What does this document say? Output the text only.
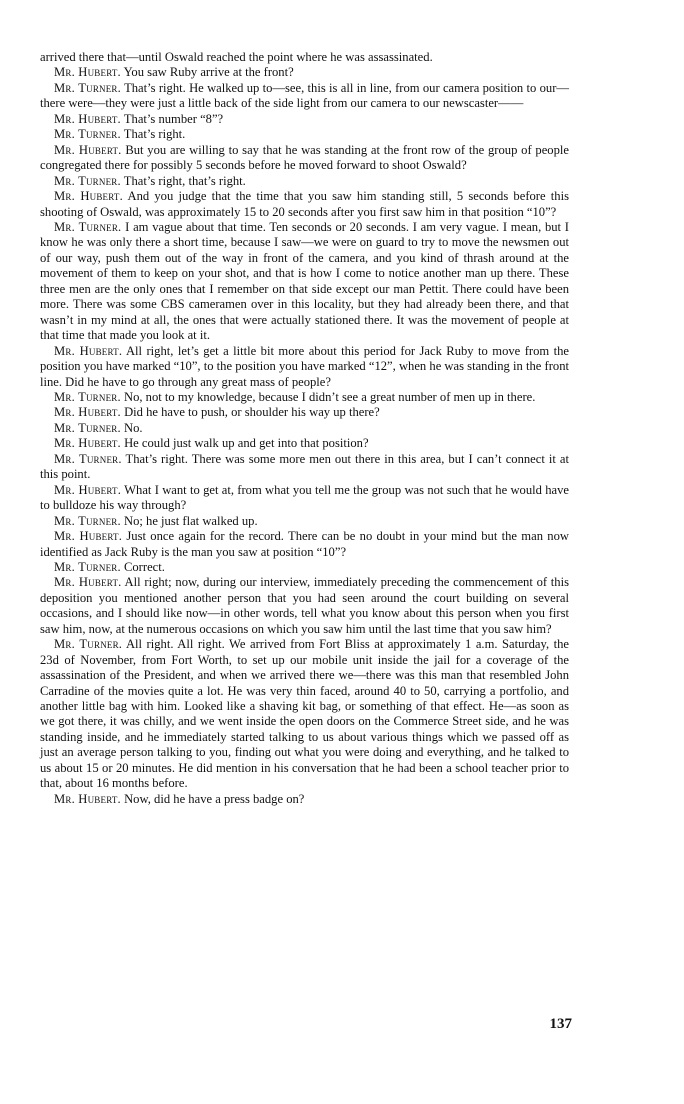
arrived there that—until Oswald reached the point where he was assassinated.

Mr. Hubert. You saw Ruby arrive at the front?

Mr. Turner. That’s right. He walked up to—see, this is all in line, from our camera position to our—there were—they were just a little back of the side light from our camera to our newscaster——

Mr. Hubert. That’s number “8”?

Mr. Turner. That’s right.

Mr. Hubert. But you are willing to say that he was standing at the front row of the group of people congregated there for possibly 5 seconds before he moved forward to shoot Oswald?

Mr. Turner. That’s right, that’s right.

Mr. Hubert. And you judge that the time that you saw him standing still, 5 seconds before this shooting of Oswald, was approximately 15 to 20 seconds after you first saw him in that position “10”?

Mr. Turner. I am vague about that time. Ten seconds or 20 seconds. I am very vague. I mean, but I know he was only there a short time, because I saw—we were on guard to try to move the newsmen out of our way, push them out of the way in front of the camera, and you kind of thrash around at the movement of them to keep on your shot, and that is how I come to notice another man up there. These three men are the only ones that I remember on that side except our man Pettit. There could have been more. There was some CBS cameramen over in this locality, but they had already been there, and that wasn’t in my mind at all, the ones that were actually stationed there. It was the movement of people at that time that made you look at it.

Mr. Hubert. All right, let’s get a little bit more about this period for Jack Ruby to move from the position you have marked “10”, to the position you have marked “12”, when he was standing in the front line. Did he have to go through any great mass of people?

Mr. Turner. No, not to my knowledge, because I didn’t see a great number of men up in there.

Mr. Hubert. Did he have to push, or shoulder his way up there?

Mr. Turner. No.

Mr. Hubert. He could just walk up and get into that position?

Mr. Turner. That’s right. There was some more men out there in this area, but I can’t connect it at this point.

Mr. Hubert. What I want to get at, from what you tell me the group was not such that he would have to bulldoze his way through?

Mr. Turner. No; he just flat walked up.

Mr. Hubert. Just once again for the record. There can be no doubt in your mind but the man now identified as Jack Ruby is the man you saw at position “10”?

Mr. Turner. Correct.

Mr. Hubert. All right; now, during our interview, immediately preceding the commencement of this deposition you mentioned another person that you had seen around the court building on several occasions, and I should like now—in other words, tell what you know about this person when you first saw him, now, at the numerous occasions on which you saw him until the last time that you saw him?

Mr. Turner. All right. All right. We arrived from Fort Bliss at approximately 1 a.m. Saturday, the 23d of November, from Fort Worth, to set up our mobile unit inside the jail for a coverage of the assassination of the President, and when we arrived there we—there was this man that resembled John Carradine of the movies quite a lot. He was very thin faced, around 40 to 50, carrying a portfolio, and another little bag with him. Looked like a shaving kit bag, or something of that effect. He—as soon as we got there, it was chilly, and we went inside the open doors on the Commerce Street side, and he was standing inside, and he immediately started talking to us about various things which we passed off as just an average person talking to you, finding out what you were doing and everything, and he talked to us about 15 or 20 minutes. He did mention in his conversation that he had been a school teacher prior to that, about 16 months before.

Mr. Hubert. Now, did he have a press badge on?

137
